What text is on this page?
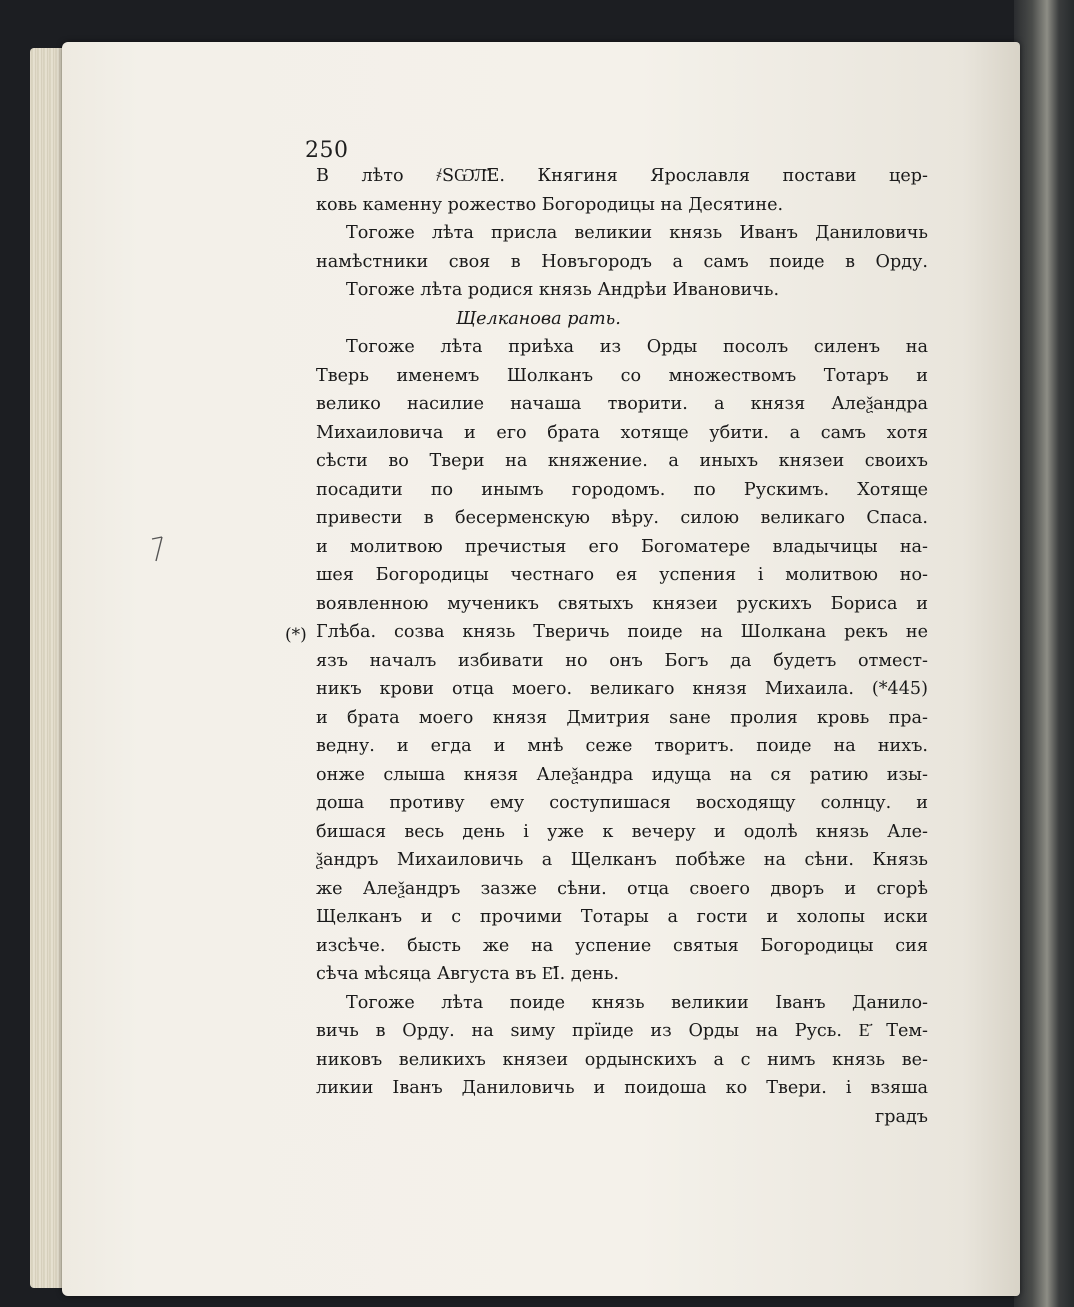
250
(*)
В лѣто ҂ЅѠ҃Л҃Е. Княгиня Ярославля постави цер-
ковь каменну рожество Богородицы на Десятине.
Тогоже лѣта присла великии князь Иванъ Даниловичь
намѣстники своя в Новъгородъ а самъ поиде в Орду.
Тогоже лѣта родися князь Андрѣи Ивановичь.
Щелканова рать.
Тогоже лѣта приѣха из Орды посолъ силенъ на
Тверь именемъ Шолканъ со множествомъ Тотаръ и
велико насилие начаша творити. а князя Алеѯандра
Михаиловича и его брата хотяще убити. а самъ хотя
сѣсти во Твери на княжение. а иныхъ князеи своихъ
посадити по инымъ городомъ. по Рускимъ. Хотяще
привести в бесерменскую вѣру. силою великаго Спаса.
и молитвою пречистыя его Богоматере владычицы на-
шея Богородицы честнаго ея успения і молитвою но-
воявленною мученикъ святыхъ князеи рускихъ Бориса и
Глѣба. созва князь Тверичь поиде на Шолкана рекъ не
язъ началъ избивати но онъ Богъ да будетъ отмест-
никъ крови отца моего. великаго князя Михаила. (*445)
и брата моего князя Дмитрия ѕане пролия кровь пра-
ведну. и егда и мнѣ сеже творитъ. поиде на нихъ.
онже слыша князя Алеѯандра идуща на ся ратию изы-
доша противу ему соступишася восходящу солнцу. и
бишася весь день і уже к вечеру и одолѣ князь Але-
ѯандръ Михаиловичь а Щелканъ побѣже на сѣни. Князь
же Алеѯандръ зазже сѣни. отца своего дворъ и сгорѣ
Щелканъ и с прочими Тотары а гости и холопы иски
изсѣче. бысть же на успение святыя Богородицы сия
сѣча мѣсяца Августа въ Е҃І. день.
Тогоже лѣта поиде князь великии Іванъ Данило-
вичь в Орду. на ѕиму прїиде из Орды на Русь. Е҃ Тем-
никовъ великихъ князеи ордынскихъ а с нимъ князь ве-
ликии Іванъ Даниловичь и поидоша ко Твери. і взяша
градъ
